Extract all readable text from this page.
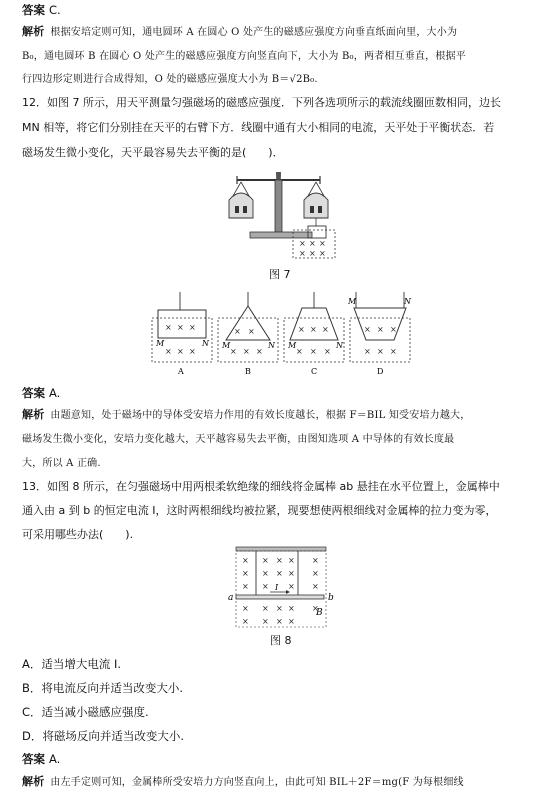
答案 C.
解析 根据安培定则可知，通电圆环 A 在圆心 O 处产生的磁感应强度方向垂直纸面向里，大小为
B₀，通电圆环 B 在圆心 O 处产生的磁感应强度方向竖直向下，大小为 B₀，两者相互垂直，根据平
行四边形定则进行合成得知，O 处的磁感应强度大小为 B＝√2B₀.
12．如图 7 所示，用天平测量匀强磁场的磁感应强度．下列各选项所示的载流线圈匝数相同，边长
MN 相等，将它们分别挂在天平的右臂下方．线圈中通有大小相同的电流，天平处于平衡状态．若
磁场发生微小变化，天平最容易失去平衡的是(　　)．
× × ×
× × ×
图 7
× × ×
× × ×
M	N
A
× ×
× × ×
M	N
B
× × ×
× × ×
M	N
C
× × ×
× × ×
M	N
D
答案 A.
解析 由题意知，处于磁场中的导体受安培力作用的有效长度越长，根据 F＝BIL 知受安培力越大，
磁场发生微小变化，安培力变化越大，天平越容易失去平衡，由图知选项 A 中导体的有效长度最
大，所以 A 正确.
13．如图 8 所示，在匀强磁场中用两根柔软绝缘的细线将金属棒 ab 悬挂在水平位置上，金属棒中
通入由 a 到 b 的恒定电流 I，这时两根细线均被拉紧，现要想使两根细线对金属棒的拉力变为零，
可采用哪些办法(　　).
× × × × ×
× × × × ×
× × × ×
× × × × ×
× × × ×
I
a	b
B
图 8
A．适当增大电流 I.
B．将电流反向并适当改变大小.
C．适当减小磁感应强度.
D．将磁场反向并适当改变大小.
答案 A.
解析 由左手定则可知，金属棒所受安培力方向竖直向上，由此可知 BIL＋2F＝mg(F 为每根细线
